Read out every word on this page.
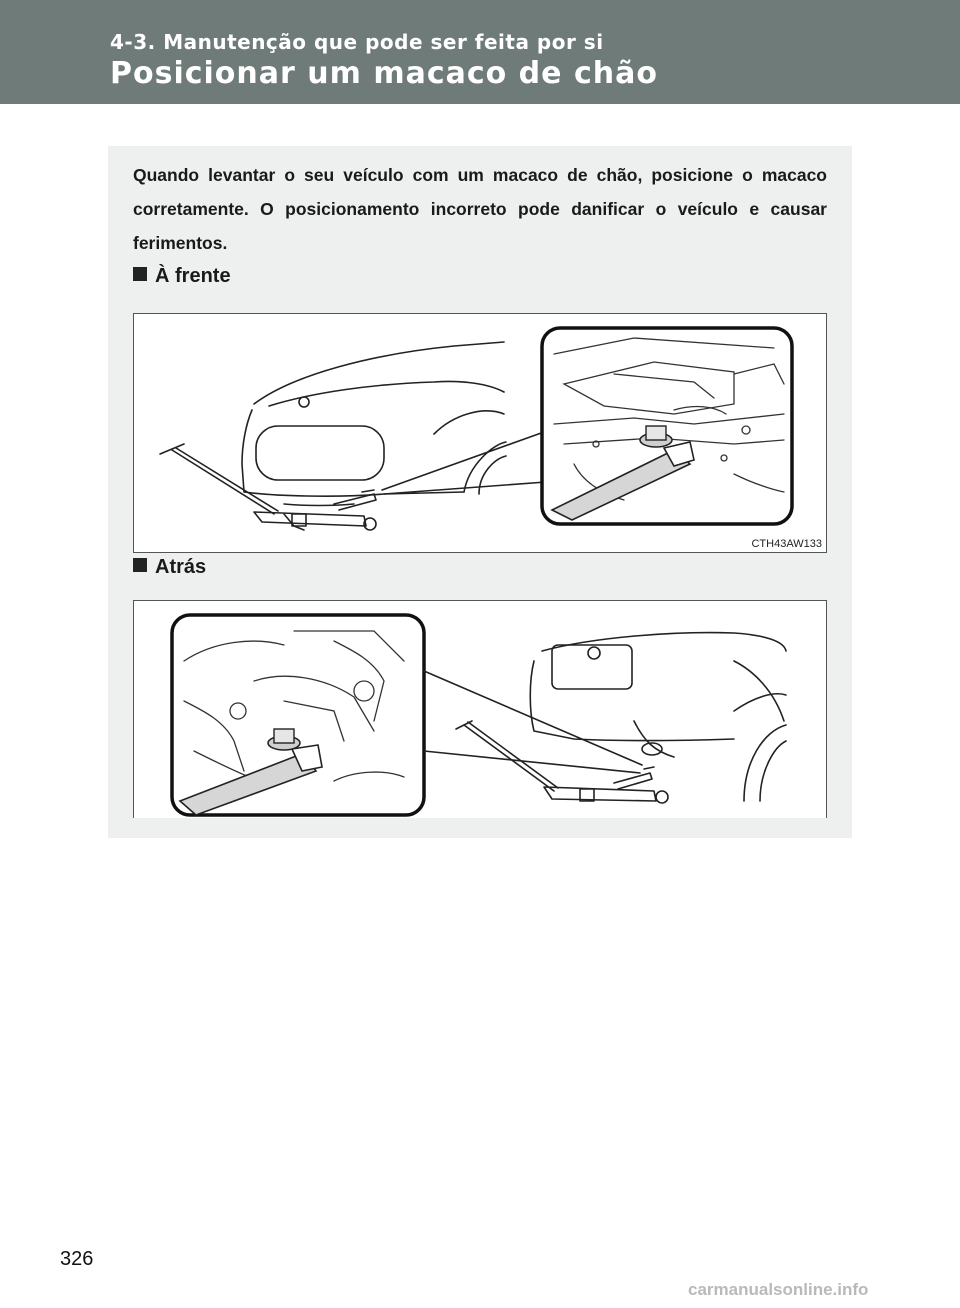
4-3. Manutenção que pode ser feita por si
Posicionar um macaco de chão
Quando levantar o seu veículo com um macaco de chão, posicione o macaco corretamente. O posicionamento incorreto pode danificar o veículo e causar ferimentos.
À frente
CTH43AW133
Atrás
326
carmanualsonline.info
